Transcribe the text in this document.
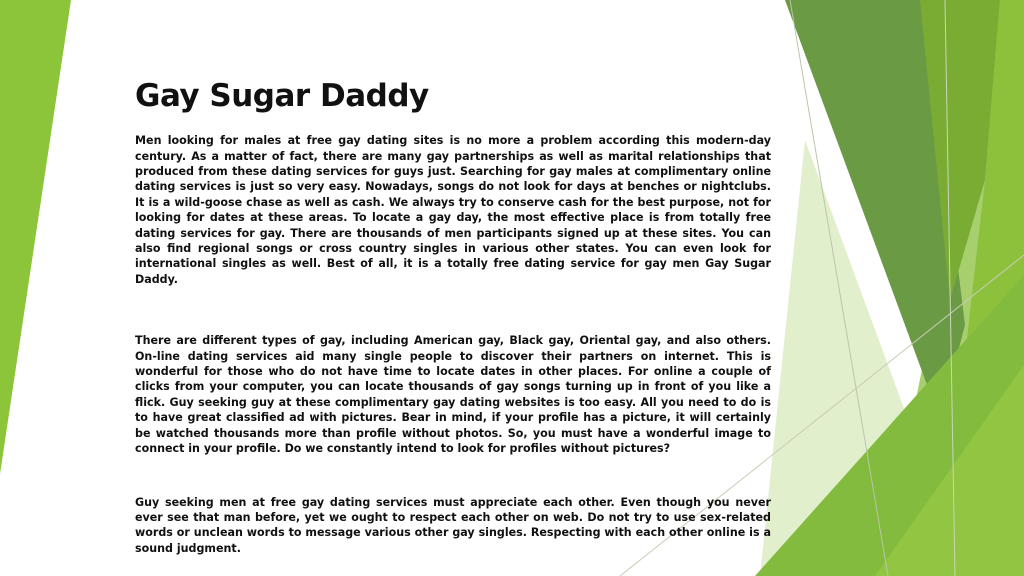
Gay Sugar Daddy

Men looking for males at free gay dating sites is no more a problem according this modern-day century. As a matter of fact, there are many gay partnerships as well as marital relationships that produced from these dating services for guys just. Searching for gay males at complimentary online dating services is just so very easy. Nowadays, songs do not look for days at benches or nightclubs. It is a wild-goose chase as well as cash. We always try to conserve cash for the best purpose, not for looking for dates at these areas. To locate a gay day, the most effective place is from totally free dating services for gay. There are thousands of men participants signed up at these sites. You can also find regional songs or cross country singles in various other states. You can even look for international singles as well. Best of all, it is a totally free dating service for gay men Gay Sugar Daddy.

There are different types of gay, including American gay, Black gay, Oriental gay, and also others. On-line dating services aid many single people to discover their partners on internet. This is wonderful for those who do not have time to locate dates in other places. For online a couple of clicks from your computer, you can locate thousands of gay songs turning up in front of you like a flick. Guy seeking guy at these complimentary gay dating websites is too easy. All you need to do is to have great classified ad with pictures. Bear in mind, if your profile has a picture, it will certainly be watched thousands more than profile without photos. So, you must have a wonderful image to connect in your profile. Do we constantly intend to look for profiles without pictures?

Guy seeking men at free gay dating services must appreciate each other. Even though you never ever see that man before, yet we ought to respect each other on web. Do not try to use sex-related words or unclean words to message various other gay singles. Respecting with each other online is a sound judgment.
